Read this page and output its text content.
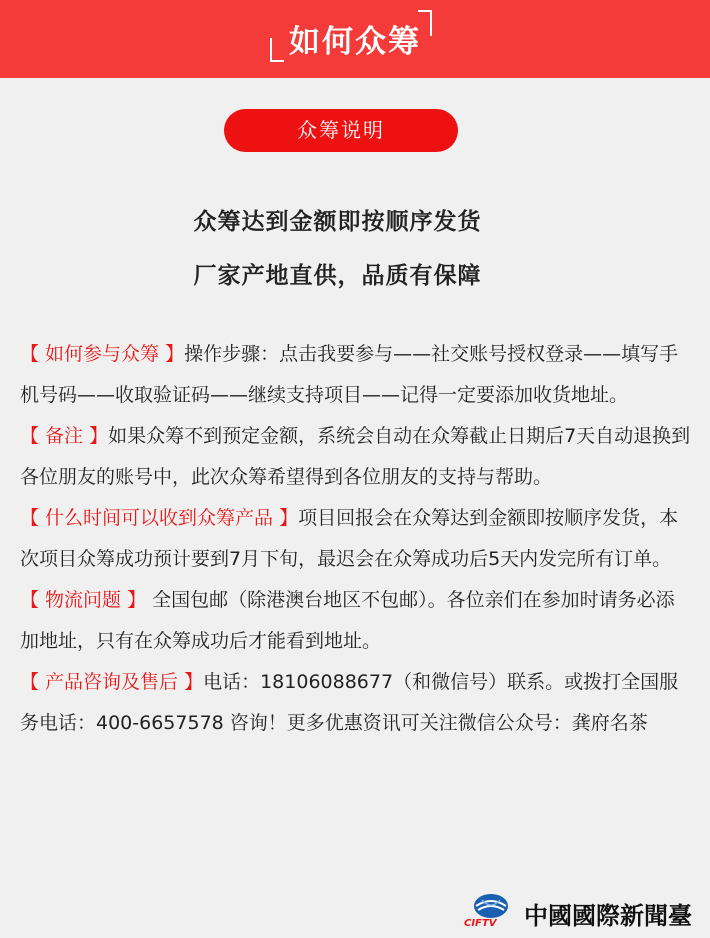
如何众筹
众筹说明
众筹达到金额即按顺序发货
厂家产地直供，品质有保障

【 如何参与众筹 】操作步骤：点击我要参与——社交账号授权登录——填写手机号码——收取验证码——继续支持项目——记得一定要添加收货地址。

【 备注 】如果众筹不到预定金额，系统会自动在众筹截止日期后7天自动退换到各位朋友的账号中，此次众筹希望得到各位朋友的支持与帮助。

【 什么时间可以收到众筹产品 】项目回报会在众筹达到金额即按顺序发货，本次项目众筹成功预计要到7月下旬，最迟会在众筹成功后5天内发完所有订单。

【 物流问题 】 全国包邮（除港澳台地区不包邮）。各位亲们在参加时请务必添加地址，只有在众筹成功后才能看到地址。

【 产品咨询及售后 】电话：18106088677（和微信号）联系。或拨打全国服务电话：400-6657578 咨询！更多优惠资讯可关注微信公众号：龚府名茶

CIFTV 中國國際新聞臺
